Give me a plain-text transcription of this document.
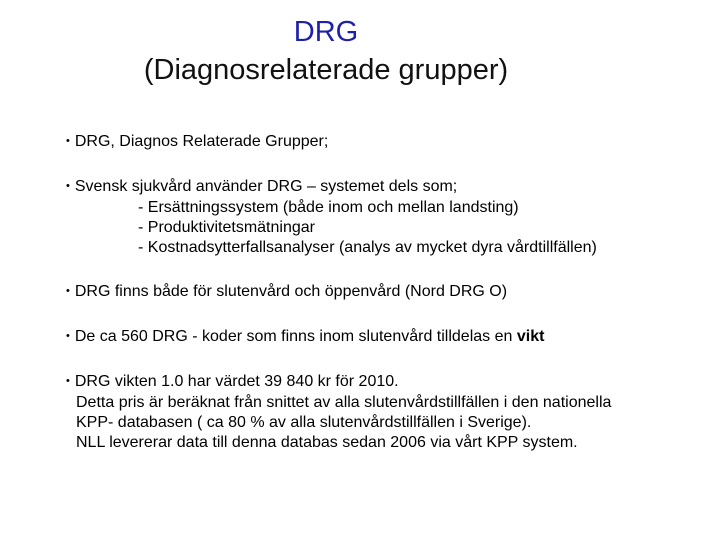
DRG
(Diagnosrelaterade grupper)

• DRG, Diagnos Relaterade Grupper;

• Svensk sjukvård använder DRG – systemet dels som;
- Ersättningssystem (både inom och mellan landsting)
- Produktivitetsmätningar
- Kostnadsytterfallsanalyser (analys av mycket dyra vårdtillfällen)

• DRG finns både för slutenvård och öppenvård (Nord DRG O)

• De ca 560 DRG - koder som finns inom slutenvård tilldelas en vikt

• DRG vikten 1.0 har värdet 39 840 kr för 2010.
Detta pris är beräknat från snittet av alla slutenvårdstillfällen i den nationella
KPP- databasen ( ca 80 % av alla slutenvårdstillfällen i Sverige).
NLL levererar data till denna databas sedan 2006 via vårt KPP system.
